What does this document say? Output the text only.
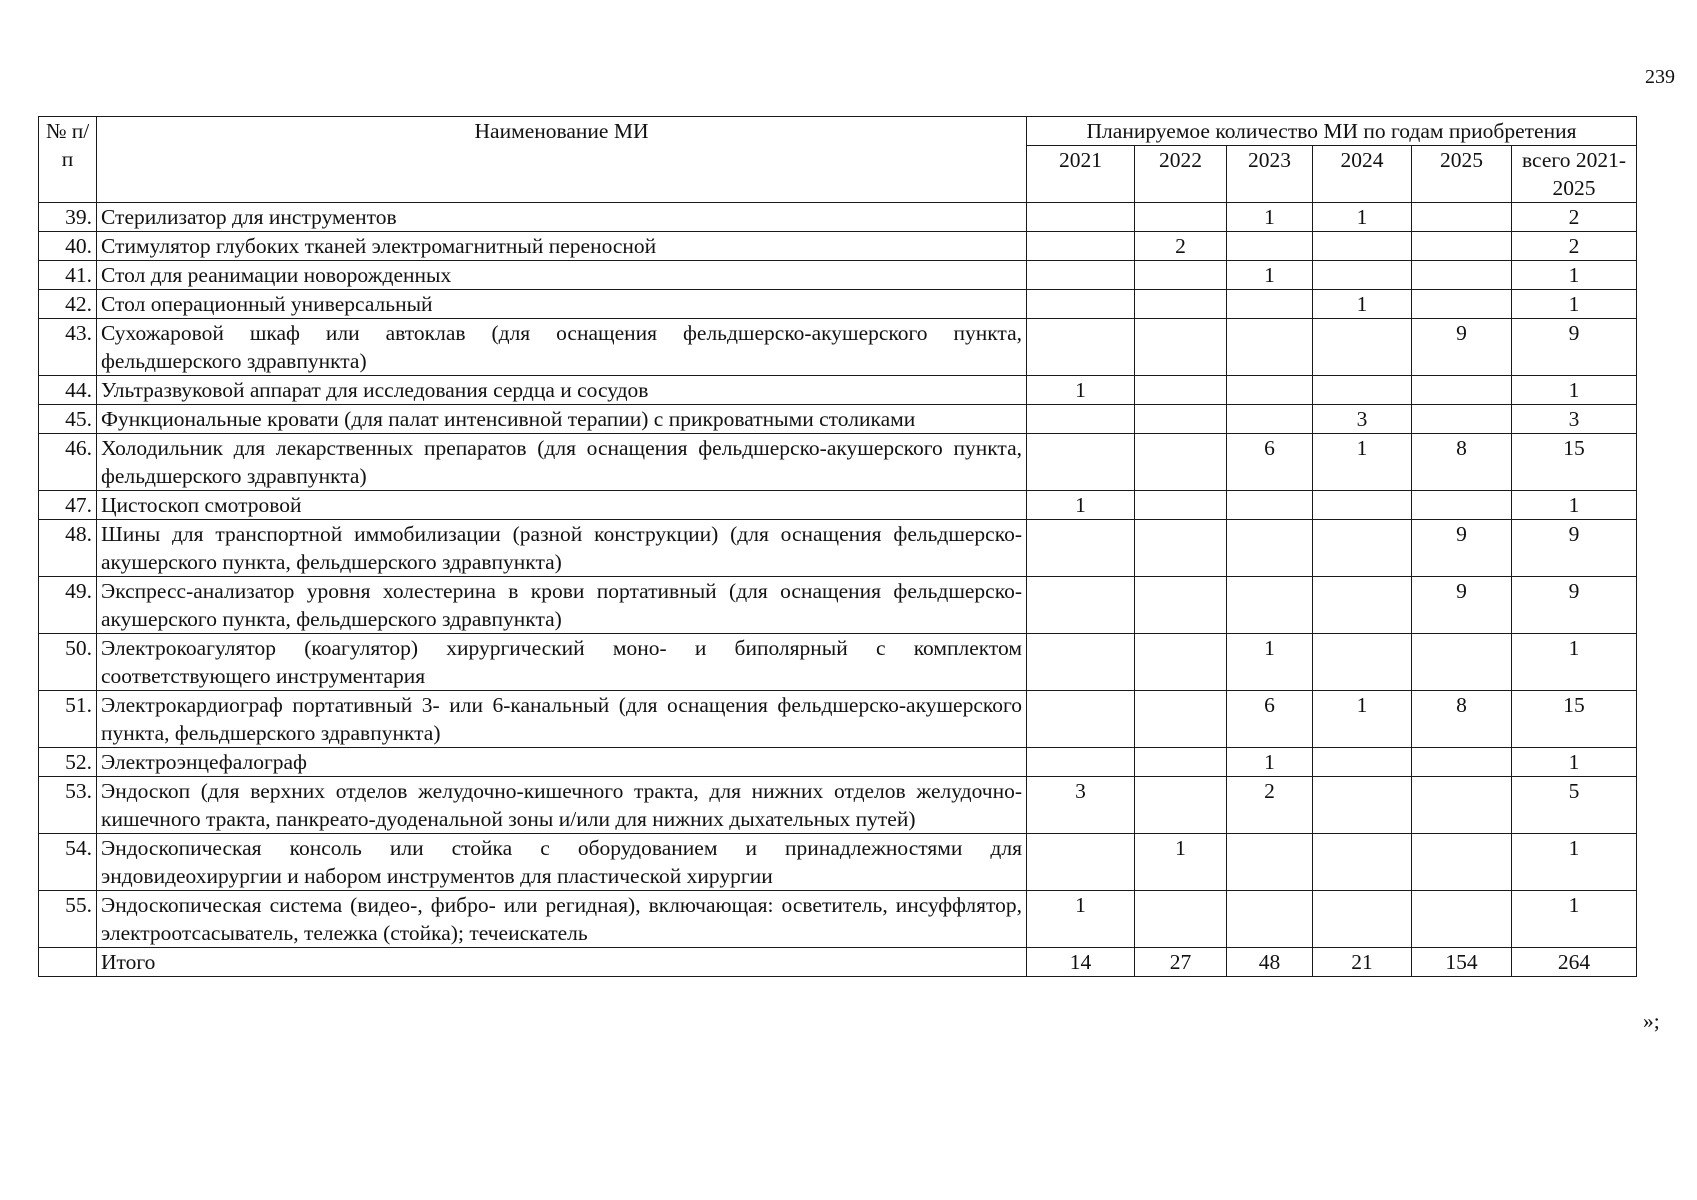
239
№ п/п	Наименование МИ	Планируемое количество МИ по годам приобретения					
		2021	2022	2023	2024	2025	всего 2021-2025
39.	Стерилизатор для инструментов			1	1		2
40.	Стимулятор глубоких тканей электромагнитный переносной		2				2
41.	Стол для реанимации новорожденных			1			1
42.	Стол операционный универсальный				1		1
43.	Сухожаровой шкаф или автоклав (для оснащения фельдшерско-акушерского пункта, фельдшерского здравпункта)					9	9
44.	Ультразвуковой аппарат для исследования сердца и сосудов	1					1
45.	Функциональные кровати (для палат интенсивной терапии) с прикроватными столиками				3		3
46.	Холодильник для лекарственных препаратов (для оснащения фельдшерско-акушерского пункта, фельдшерского здравпункта)			6	1	8	15
47.	Цистоскоп смотровой	1					1
48.	Шины для транспортной иммобилизации (разной конструкции) (для оснащения фельдшерско-акушерского пункта, фельдшерского здравпункта)					9	9
49.	Экспресс-анализатор уровня холестерина в крови портативный (для оснащения фельдшерско-акушерского пункта, фельдшерского здравпункта)					9	9
50.	Электрокоагулятор (коагулятор) хирургический моно- и биполярный с комплектом соответствующего инструментария			1			1
51.	Электрокардиограф портативный 3- или 6-канальный (для оснащения фельдшерско-акушерского пункта, фельдшерского здравпункта)			6	1	8	15
52.	Электроэнцефалограф			1			1
53.	Эндоскоп (для верхних отделов желудочно-кишечного тракта, для нижних отделов желудочно-кишечного тракта, панкреато-дуоденальной зоны и/или для нижних дыхательных путей)	3		2			5
54.	Эндоскопическая консоль или стойка с оборудованием и принадлежностями для эндовидеохирургии и набором инструментов для пластической хирургии		1				1
55.	Эндоскопическая система (видео-, фибро- или регидная), включающая: осветитель, инсуффлятор, электроотсасыватель, тележка (стойка); течеискатель	1					1
	Итого	14	27	48	21	154	264
»;
